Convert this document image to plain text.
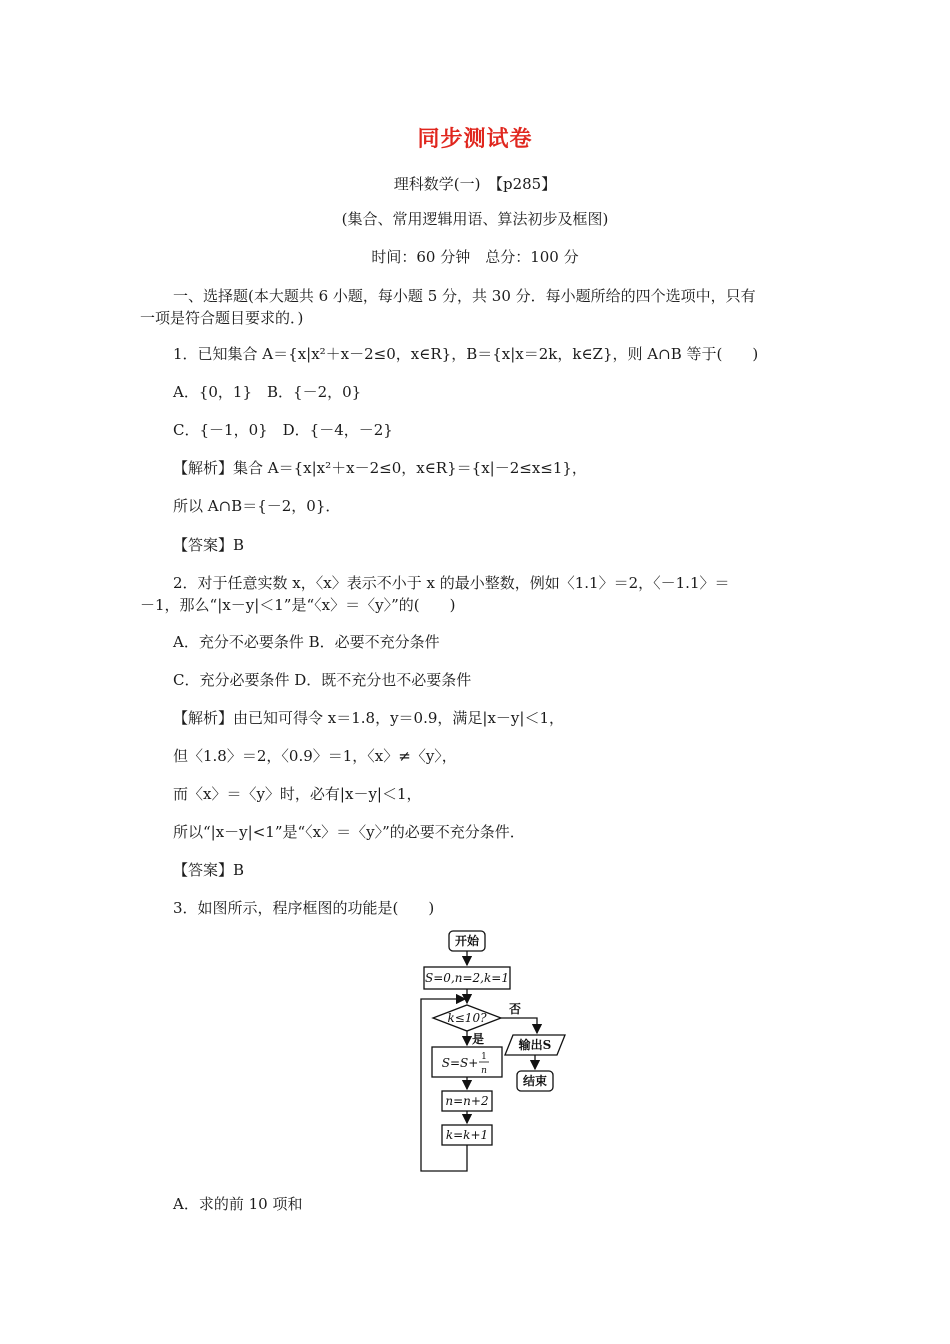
同步测试卷
理科数学(一)　【p285】
(集合、常用逻辑用语、算法初步及框图)
时间：60 分钟　总分：100 分
一、选择题(本大题共 6 小题，每小题 5 分，共 30 分．每小题所给的四个选项中，只有
一项是符合题目要求的．)
1．已知集合 A＝{x|x²＋x－2≤0，x∈R}，B＝{x|x＝2k，k∈Z}，则 A∩B 等于(　　)
A．{0，1}　B．{－2，0}
C．{－1，0}　D．{－4，－2}
【解析】集合 A＝{x|x²＋x－2≤0，x∈R}＝{x|－2≤x≤1}，
所以 A∩B＝{－2，0}．
【答案】B
2．对于任意实数 x，〈x〉表示不小于 x 的最小整数，例如〈1.1〉＝2，〈－1.1〉＝
－1，那么“|x－y|＜1”是“〈x〉＝〈y〉”的(　　)
A．充分不必要条件 B．必要不充分条件
C．充分必要条件 D．既不充分也不必要条件
【解析】由已知可得令 x＝1.8，y＝0.9，满足|x－y|＜1，
但〈1.8〉＝2，〈0.9〉＝1，〈x〉≠〈y〉，
而〈x〉＝〈y〉时，必有|x－y|＜1，
所以“|x－y|<1”是“〈x〉＝〈y〉”的必要不充分条件．
【答案】B
3．如图所示，程序框图的功能是(　　)
开始
S=0,n=2,k=1
k≤10?
否
是
S=S+ 1
n
n=n+2
k=k+1
输出S
结束
A．求的前 10 项和
